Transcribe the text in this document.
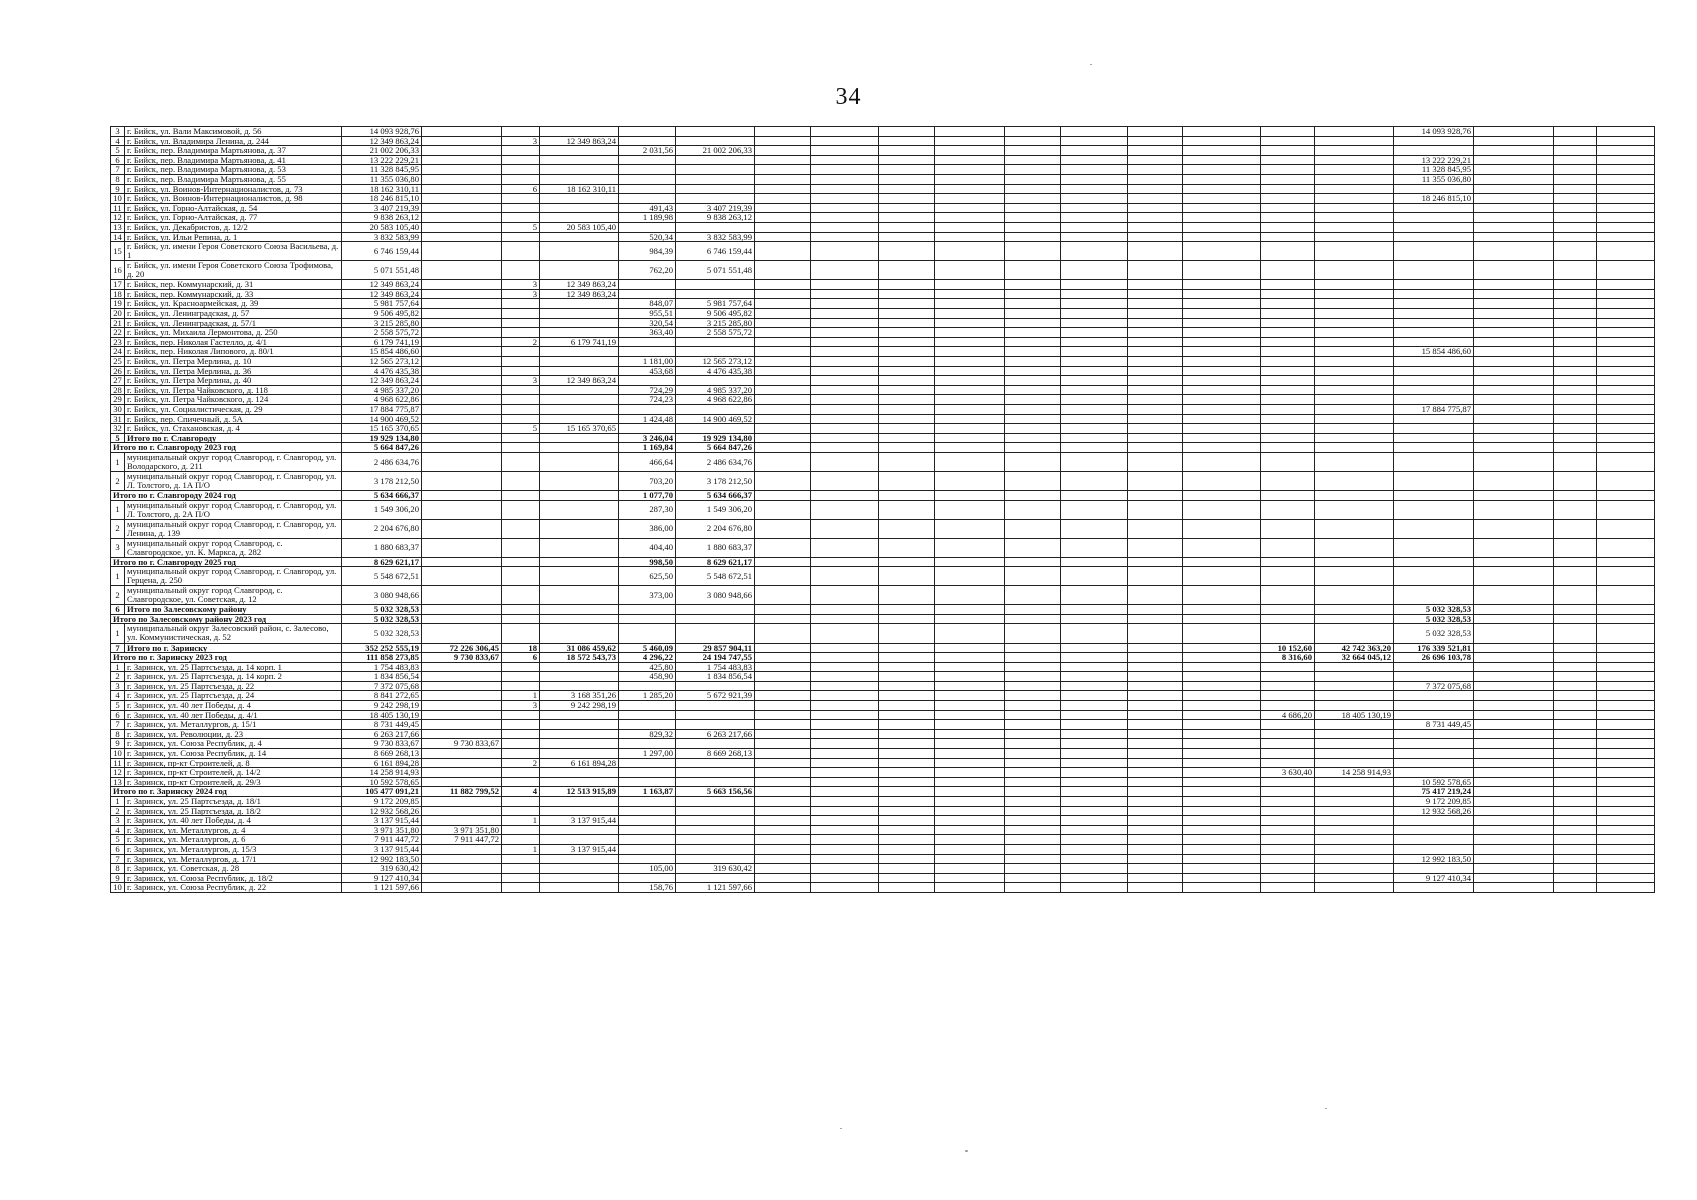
34
3	г. Бийск, ул. Вали Максимовой, д. 56	14 093 928,76																14 093 928,76			
4	г. Бийск, ул. Владимира Ленина, д. 244	12 349 863,24		3	12 349 863,24																
5	г. Бийск, пер. Владимира Мартьянова, д. 37	21 002 206,33				2 031,56	21 002 206,33														
6	г. Бийск, пер. Владимира Мартьянова, д. 41	13 222 229,21																13 222 229,21			
7	г. Бийск, пер. Владимира Мартьянова, д. 53	11 328 845,95																11 328 845,95			
8	г. Бийск, пер. Владимира Мартьянова, д. 55	11 355 036,80																11 355 036,80			
9	г. Бийск, ул. Воинов-Интернационалистов, д. 73	18 162 310,11		6	18 162 310,11																
10	г. Бийск, ул. Воинов-Интернационалистов, д. 98	18 246 815,10																18 246 815,10			
11	г. Бийск, ул. Горно-Алтайская, д. 54	3 407 219,39				491,43	3 407 219,39														
12	г. Бийск, ул. Горно-Алтайская, д. 77	9 838 263,12				1 189,98	9 838 263,12														
13	г. Бийск, ул. Декабристов, д. 12/2	20 583 105,40		5	20 583 105,40																
14	г. Бийск, ул. Ильи Репина, д. 1	3 832 583,99				520,34	3 832 583,99														
15	г. Бийск, ул. имени Героя Советского Союза Васильева, д. 1	6 746 159,44				984,39	6 746 159,44														
16	г. Бийск, ул. имени Героя Советского Союза Трофимова, д. 20	5 071 551,48				762,20	5 071 551,48														
17	г. Бийск, пер. Коммунарский, д. 31	12 349 863,24		3	12 349 863,24																
18	г. Бийск, пер. Коммунарский, д. 33	12 349 863,24		3	12 349 863,24																
19	г. Бийск, ул. Красноармейская, д. 39	5 981 757,64				848,07	5 981 757,64														
20	г. Бийск, ул. Ленинградская, д. 57	9 506 495,82				955,51	9 506 495,82														
21	г. Бийск, ул. Ленинградская, д. 57/1	3 215 285,80				320,54	3 215 285,80														
22	г. Бийск, ул. Михаила Лермонтова, д. 250	2 558 575,72				363,40	2 558 575,72														
23	г. Бийск, пер. Николая Гастелло, д. 4/1	6 179 741,19		2	6 179 741,19																
24	г. Бийск, пер. Николая Липового, д. 80/1	15 854 486,60																15 854 486,60			
25	г. Бийск, ул. Петра Мерлина, д. 10	12 565 273,12				1 181,00	12 565 273,12														
26	г. Бийск, ул. Петра Мерлина, д. 36	4 476 435,38				453,68	4 476 435,38														
27	г. Бийск, ул. Петра Мерлина, д. 40	12 349 863,24		3	12 349 863,24																
28	г. Бийск, ул. Петра Чайковского, д. 118	4 985 337,20				724,29	4 985 337,20														
29	г. Бийск, ул. Петра Чайковского, д. 124	4 968 622,86				724,23	4 968 622,86														
30	г. Бийск, ул. Социалистическая, д. 29	17 884 775,87																17 884 775,87			
31	г. Бийск, пер. Спичечный, д. 5А	14 900 469,52				1 424,48	14 900 469,52														
32	г. Бийск, ул. Стахановская, д. 4	15 165 370,65		5	15 165 370,65																
5	Итого по г. Славгороду	19 929 134,80				3 246,04	19 929 134,80														
Итого по г. Славгороду 2023 год		5 664 847,26				1 169,84	5 664 847,26														
1	муниципальный округ город Славгород, г. Славгород, ул. Володарского, д. 211	2 486 634,76				466,64	2 486 634,76														
2	муниципальный округ город Славгород, г. Славгород, ул. Л. Толстого, д. 1А П/О	3 178 212,50				703,20	3 178 212,50														
Итого по г. Славгороду 2024 год		5 634 666,37				1 077,70	5 634 666,37														
1	муниципальный округ город Славгород, г. Славгород, ул. Л. Толстого, д. 2А П/О	1 549 306,20				287,30	1 549 306,20														
2	муниципальный округ город Славгород, г. Славгород, ул. Ленина, д. 139	2 204 676,80				386,00	2 204 676,80														
3	муниципальный округ город Славгород, с. Славгородское, ул. К. Маркса, д. 282	1 880 683,37				404,40	1 880 683,37														
Итого по г. Славгороду 2025 год		8 629 621,17				998,50	8 629 621,17														
1	муниципальный округ город Славгород, г. Славгород, ул. Герцена, д. 250	5 548 672,51				625,50	5 548 672,51														
2	муниципальный округ город Славгород, с. Славгородское, ул. Советская, д. 12	3 080 948,66				373,00	3 080 948,66														
6	Итого по Залесовскому району	5 032 328,53																5 032 328,53			
Итого по Залесовскому району 2023 год		5 032 328,53																5 032 328,53			
1	муниципальный округ Залесовский район, с. Залесово, ул. Коммунистическая, д. 52	5 032 328,53																5 032 328,53			
7	Итого по г. Заринску	352 252 555,19	72 226 306,45	18	31 086 459,62	5 460,09	29 857 904,11									10 152,60	42 742 363,20	176 339 521,81			
Итого по г. Заринску 2023 год		111 858 273,85	9 730 833,67	6	18 572 543,73	4 296,22	24 194 747,55									8 316,60	32 664 045,12	26 696 103,78			
1	г. Заринск, ул. 25 Партсъезда, д. 14 корп. 1	1 754 483,83				425,80	1 754 483,83														
2	г. Заринск, ул. 25 Партсъезда, д. 14 корп. 2	1 834 856,54				458,90	1 834 856,54														
3	г. Заринск, ул. 25 Партсъезда, д. 22	7 372 075,68																7 372 075,68			
4	г. Заринск, ул. 25 Партсъезда, д. 24	8 841 272,65		1	3 168 351,26	1 285,20	5 672 921,39														
5	г. Заринск, ул. 40 лет Победы, д. 4	9 242 298,19		3	9 242 298,19																
6	г. Заринск, ул. 40 лет Победы, д. 4/1	18 405 130,19														4 686,20	18 405 130,19				
7	г. Заринск, ул. Металлургов, д. 15/1	8 731 449,45																8 731 449,45			
8	г. Заринск, ул. Революции, д. 23	6 263 217,66				829,32	6 263 217,66														
9	г. Заринск, ул. Союза Республик, д. 4	9 730 833,67	9 730 833,67																		
10	г. Заринск, ул. Союза Республик, д. 14	8 669 268,13				1 297,00	8 669 268,13														
11	г. Заринск, пр-кт Строителей, д. 8	6 161 894,28		2	6 161 894,28																
12	г. Заринск, пр-кт Строителей, д. 14/2	14 258 914,93														3 630,40	14 258 914,93				
13	г. Заринск, пр-кт Строителей, д. 29/3	10 592 578,65																10 592 578,65			
Итого по г. Заринску 2024 год		105 477 091,21	11 882 799,52	4	12 513 915,89	1 163,87	5 663 156,56											75 417 219,24			
1	г. Заринск, ул. 25 Партсъезда, д. 18/1	9 172 209,85																9 172 209,85			
2	г. Заринск, ул. 25 Партсъезда, д. 18/2	12 932 568,26																12 932 568,26			
3	г. Заринск, ул. 40 лет Победы, д. 4	3 137 915,44		1	3 137 915,44																
4	г. Заринск, ул. Металлургов, д. 4	3 971 351,80	3 971 351,80																		
5	г. Заринск, ул. Металлургов, д. 6	7 911 447,72	7 911 447,72																		
6	г. Заринск, ул. Металлургов, д. 15/3	3 137 915,44		1	3 137 915,44																
7	г. Заринск, ул. Металлургов, д. 17/1	12 992 183,50																12 992 183,50			
8	г. Заринск, ул. Советская, д. 28	319 630,42				105,00	319 630,42														
9	г. Заринск, ул. Союза Республик, д. 18/2	9 127 410,34																9 127 410,34			
10	г. Заринск, ул. Союза Республик, д. 22	1 121 597,66				158,76	1 121 597,66														
